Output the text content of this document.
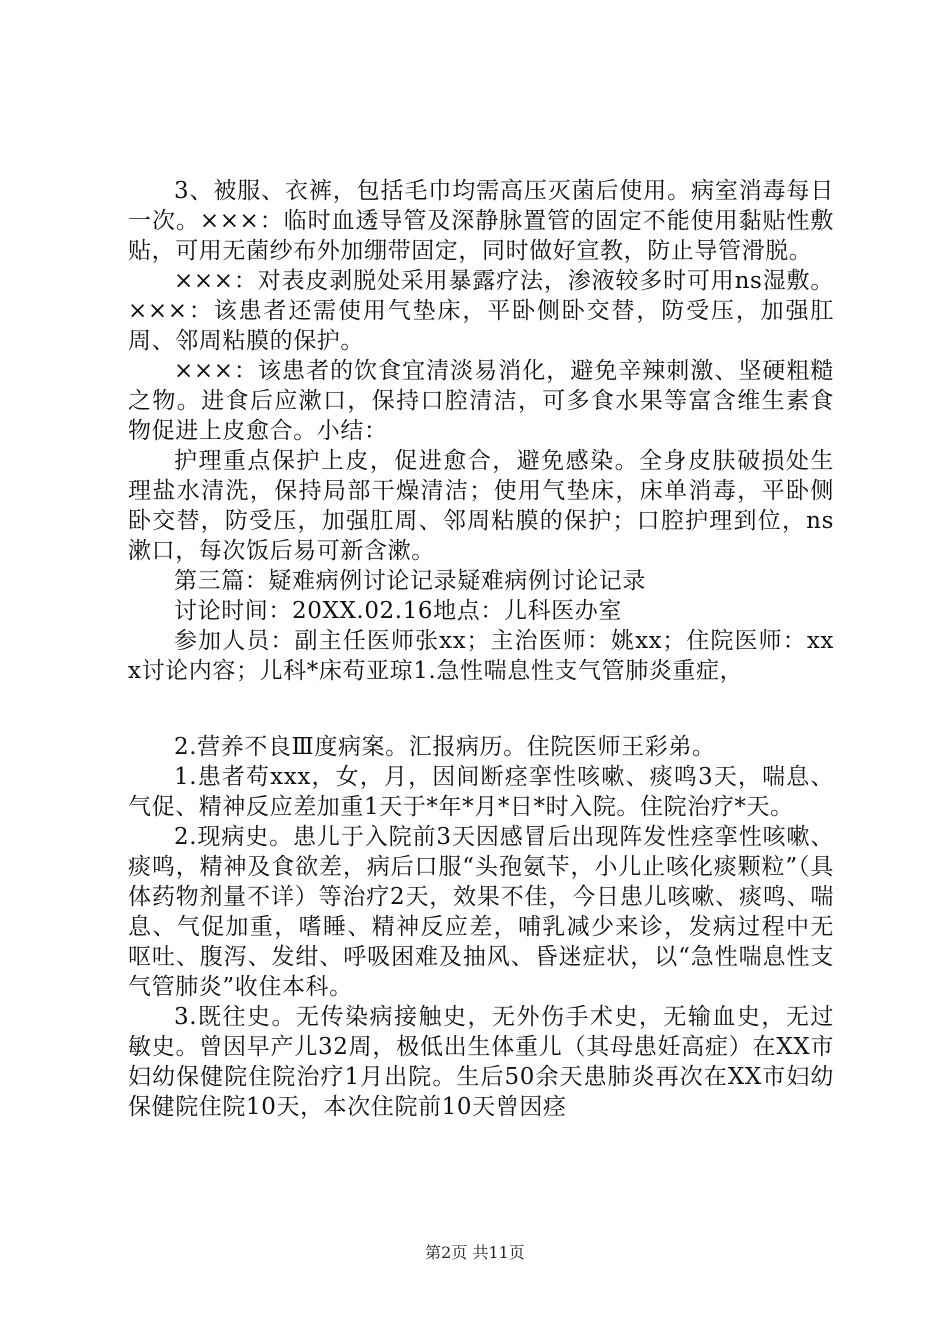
3、被服、衣裤，包括毛巾均需高压灭菌后使用。病室消毒每日一次。×××：临时血透导管及深静脉置管的固定不能使用黏贴性敷贴，可用无菌纱布外加绷带固定，同时做好宣教，防止导管滑脱。

×××：对表皮剥脱处采用暴露疗法，渗液较多时可用ns湿敷。×××：该患者还需使用气垫床，平卧侧卧交替，防受压，加强肛周、邻周粘膜的保护。

×××：该患者的饮食宜清淡易消化，避免辛辣刺激、坚硬粗糙之物。进食后应漱口，保持口腔清洁，可多食水果等富含维生素食物促进上皮愈合。小结：

护理重点保护上皮，促进愈合，避免感染。全身皮肤破损处生理盐水清洗，保持局部干燥清洁；使用气垫床，床单消毒，平卧侧卧交替，防受压，加强肛周、邻周粘膜的保护；口腔护理到位，ns漱口，每次饭后易可新含漱。

第三篇：疑难病例讨论记录疑难病例讨论记录

讨论时间：20XX.02.16地点：儿科医办室

参加人员：副主任医师张xx；主治医师：姚xx；住院医师：xxx讨论内容；儿科*床苟亚琼1.急性喘息性支气管肺炎重症，

2.营养不良Ⅲ度病案。汇报病历。住院医师王彩弟。

1.患者苟xxx，女，月，因间断痉挛性咳嗽、痰鸣3天，喘息、气促、精神反应差加重1天于*年*月*日*时入院。住院治疗*天。

2.现病史。患儿于入院前3天因感冒后出现阵发性痉挛性咳嗽、痰鸣，精神及食欲差，病后口服“头孢氨苄，小儿止咳化痰颗粒”（具体药物剂量不详）等治疗2天，效果不佳，今日患儿咳嗽、痰鸣、喘息、气促加重，嗜睡、精神反应差，哺乳减少来诊，发病过程中无呕吐、腹泻、发绀、呼吸困难及抽风、昏迷症状，以“急性喘息性支气管肺炎”收住本科。

3.既往史。无传染病接触史，无外伤手术史，无输血史，无过敏史。曾因早产儿32周，极低出生体重儿（其母患妊高症）在XX市妇幼保健院住院治疗1月出院。生后50余天患肺炎再次在XX市妇幼保健院住院10天，本次住院前10天曾因痉

第2页 共11页
